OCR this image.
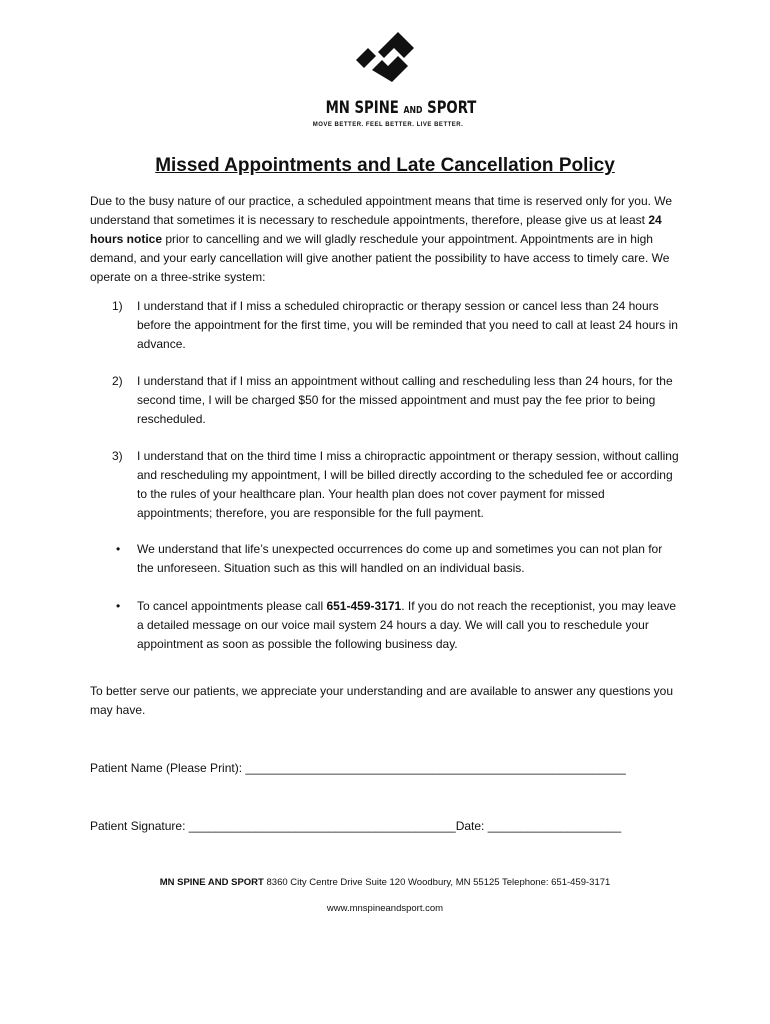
MN SPINE AND SPORT
MOVE BETTER. FEEL BETTER. LIVE BETTER.
Missed Appointments and Late Cancellation Policy

Due to the busy nature of our practice, a scheduled appointment means that time is reserved only for you. We understand that sometimes it is necessary to reschedule appointments, therefore, please give us at least 24 hours notice prior to cancelling and we will gladly reschedule your appointment. Appointments are in high demand, and your early cancellation will give another patient the possibility to have access to timely care. We operate on a three-strike system:

1)	I understand that if I miss a scheduled chiropractic or therapy session or cancel less than 24 hours before the appointment for the first time, you will be reminded that you need to call at least 24 hours in advance.
2)	I understand that if I miss an appointment without calling and rescheduling less than 24 hours, for the second time, I will be charged $50 for the missed appointment and must pay the fee prior to being rescheduled.
3)	I understand that on the third time I miss a chiropractic appointment or therapy session, without calling and rescheduling my appointment, I will be billed directly according to the scheduled fee or according to the rules of your healthcare plan. Your health plan does not cover payment for missed appointments; therefore, you are responsible for the full payment.
•	We understand that life’s unexpected occurrences do come up and sometimes you can not plan for the unforeseen. Situation such as this will handled on an individual basis.
•	To cancel appointments please call 651-459-3171. If you do not reach the receptionist, you may leave a detailed message on our voice mail system 24 hours a day. We will call you to reschedule your appointment as soon as possible the following business day.

To better serve our patients, we appreciate your understanding and are available to answer any questions you may have.

Patient Name (Please Print): _________________________________________________________
Patient Signature: ________________________________________Date: ____________________
MN SPINE AND SPORT 8360 City Centre Drive Suite 120 Woodbury, MN 55125 Telephone: 651-459-3171
www.mnspineandsport.com
